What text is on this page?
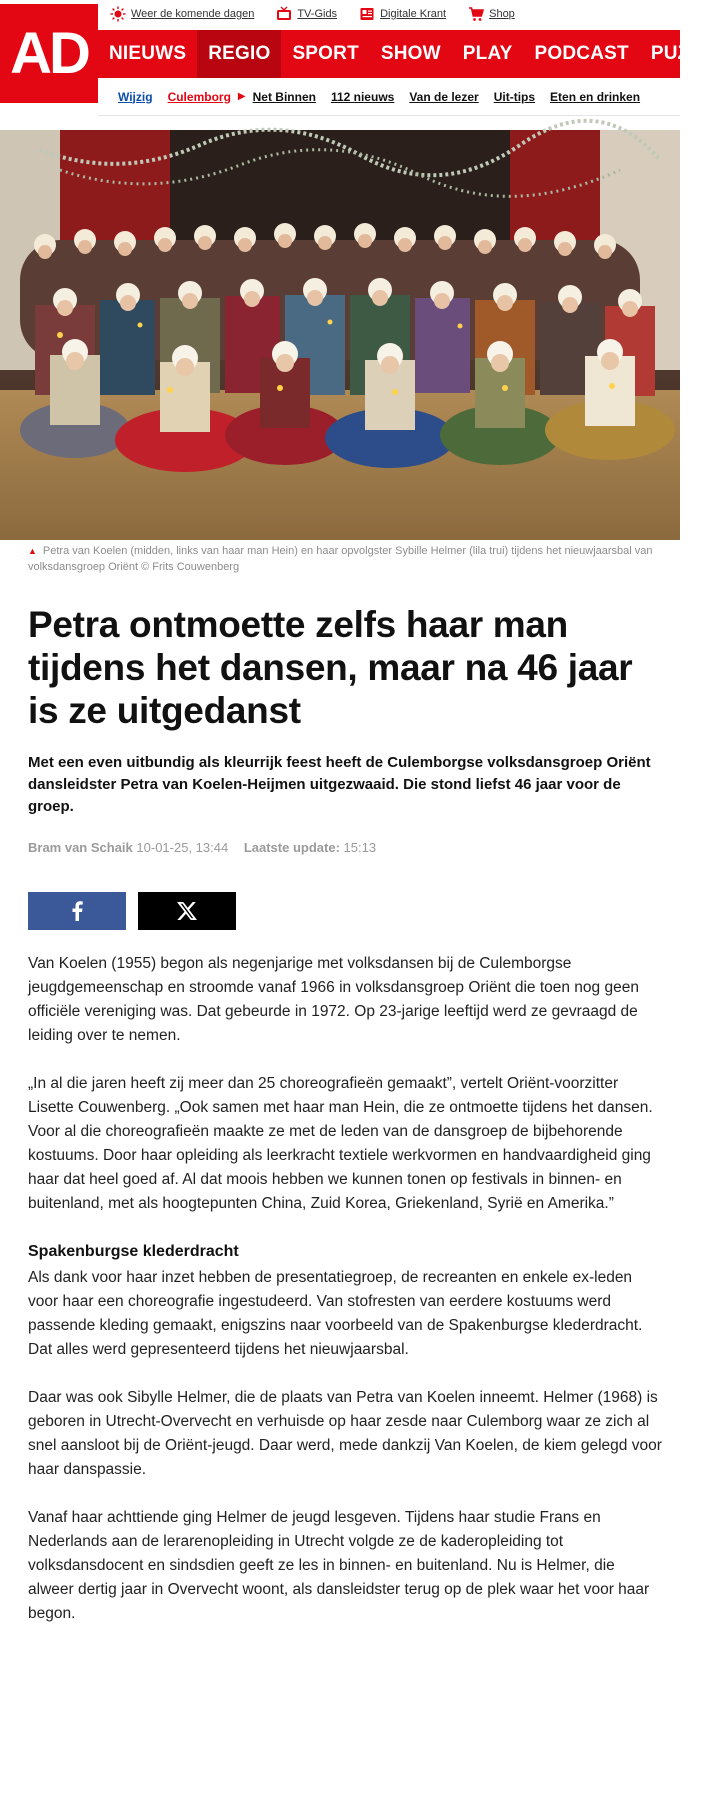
AD
Weer de komende dagen	TV-Gids	Digitale Krant	Shop
NIEUWS	REGIO	SPORT	SHOW	PLAY	PODCAST	PUZZE
Wijzig Culemborg ▶ Net Binnen 112 nieuws Van de lezer Uit-tips Eten en drinken
▲ Petra van Koelen (midden, links van haar man Hein) en haar opvolgster Sybille Helmer (lila trui) tijdens het nieuwjaarsbal van volksdansgroep Oriënt © Frits Couwenberg
Petra ontmoette zelfs haar man tijdens het dansen, maar na 46 jaar is ze uitgedanst

Met een even uitbundig als kleurrijk feest heeft de Culemborgse volksdansgroep Oriënt dansleidster Petra van Koelen-Heijmen uitgezwaaid. Die stond liefst 46 jaar voor de groep.

Bram van Schaik 10-01-25, 13:44 Laatste update: 15:13

Van Koelen (1955) begon als negenjarige met volksdansen bij de Culemborgse jeugdgemeenschap en stroomde vanaf 1966 in volksdansgroep Oriënt die toen nog geen officiële vereniging was. Dat gebeurde in 1972. Op 23-jarige leeftijd werd ze gevraagd de leiding over te nemen.

„In al die jaren heeft zij meer dan 25 choreografieën gemaakt”, vertelt Oriënt-voorzitter Lisette Couwenberg. „Ook samen met haar man Hein, die ze ontmoette tijdens het dansen. Voor al die choreografieën maakte ze met de leden van de dansgroep de bijbehorende kostuums. Door haar opleiding als leerkracht textiele werkvormen en handvaardigheid ging haar dat heel goed af. Al dat moois hebben we kunnen tonen op festivals in binnen- en buitenland, met als hoogtepunten China, Zuid Korea, Griekenland, Syrië en Amerika.”

Spakenburgse klederdracht

Als dank voor haar inzet hebben de presentatiegroep, de recreanten en enkele ex-leden voor haar een choreografie ingestudeerd. Van stofresten van eerdere kostuums werd passende kleding gemaakt, enigszins naar voorbeeld van de Spakenburgse klederdracht. Dat alles werd gepresenteerd tijdens het nieuwjaarsbal.

Daar was ook Sibylle Helmer, die de plaats van Petra van Koelen inneemt. Helmer (1968) is geboren in Utrecht-Overvecht en verhuisde op haar zesde naar Culemborg waar ze zich al snel aansloot bij de Oriënt-jeugd. Daar werd, mede dankzij Van Koelen, de kiem gelegd voor haar danspassie.

Vanaf haar achttiende ging Helmer de jeugd lesgeven. Tijdens haar studie Frans en Nederlands aan de lerarenopleiding in Utrecht volgde ze de kaderopleiding tot volksdansdocent en sindsdien geeft ze les in binnen- en buitenland. Nu is Helmer, die alweer dertig jaar in Overvecht woont, als dansleidster terug op de plek waar het voor haar begon.
